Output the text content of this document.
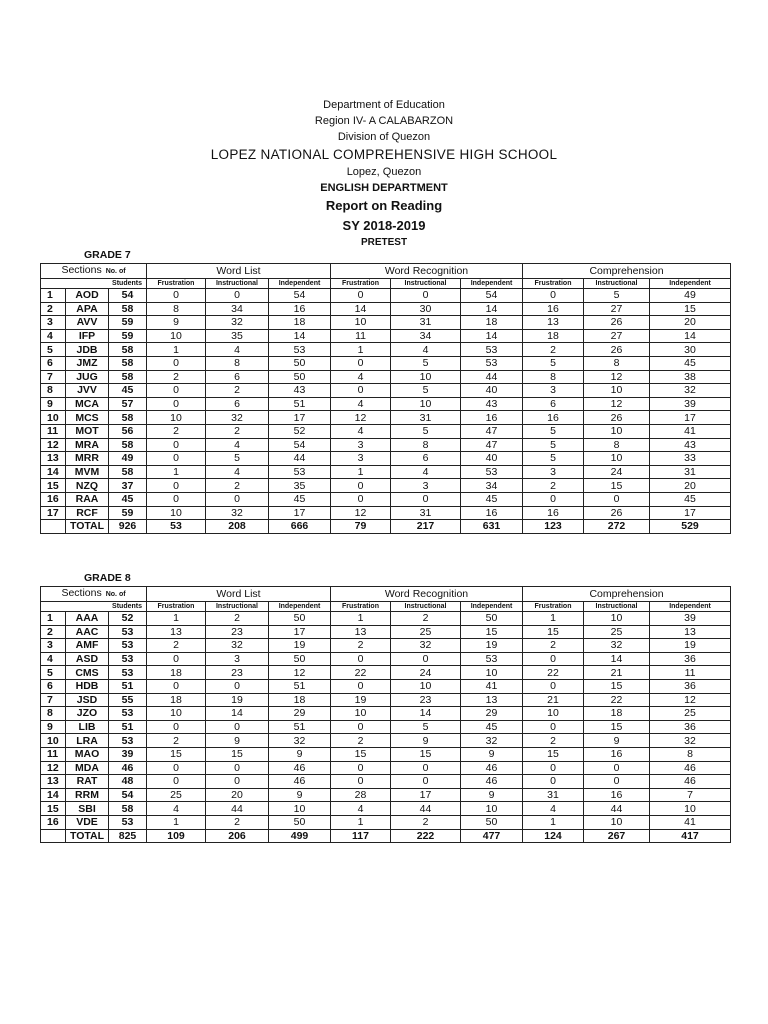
Department of Education
Region IV- A CALABARZON
Division of Quezon
LOPEZ NATIONAL COMPREHENSIVE HIGH SCHOOL
Lopez, Quezon
ENGLISH DEPARTMENT
Report on Reading
SY 2018-2019
PRETEST
GRADE 7
Sections No. of			Word List			Word Recognition			Comprehension		
Students			Frustration	Instructional	Independent	Frustration	Instructional	Independent	Frustration	Instructional	Independent
1	AOD	54	0	0	54	0	0	54	0	5	49
2	APA	58	8	34	16	14	30	14	16	27	15
3	AVV	59	9	32	18	10	31	18	13	26	20
4	IFP	59	10	35	14	11	34	14	18	27	14
5	JDB	58	1	4	53	1	4	53	2	26	30
6	JMZ	58	0	8	50	0	5	53	5	8	45
7	JUG	58	2	6	50	4	10	44	8	12	38
8	JVV	45	0	2	43	0	5	40	3	10	32
9	MCA	57	0	6	51	4	10	43	6	12	39
10	MCS	58	10	32	17	12	31	16	16	26	17
11	MOT	56	2	2	52	4	5	47	5	10	41
12	MRA	58	0	4	54	3	8	47	5	8	43
13	MRR	49	0	5	44	3	6	40	5	10	33
14	MVM	58	1	4	53	1	4	53	3	24	31
15	NZQ	37	0	2	35	0	3	34	2	15	20
16	RAA	45	0	0	45	0	0	45	0	0	45
17	RCF	59	10	32	17	12	31	16	16	26	17
	TOTAL	926	53	208	666	79	217	631	123	272	529
GRADE 8
Sections No. of			Word List			Word Recognition			Comprehension		
Students			Frustration	Instructional	Independent	Frustration	Instructional	Independent	Frustration	Instructional	Independent
1	AAA	52	1	2	50	1	2	50	1	10	39
2	AAC	53	13	23	17	13	25	15	15	25	13
3	AMF	53	2	32	19	2	32	19	2	32	19
4	ASD	53	0	3	50	0	0	53	0	14	36
5	CMS	53	18	23	12	22	24	10	22	21	11
6	HDB	51	0	0	51	0	10	41	0	15	36
7	JSD	55	18	19	18	19	23	13	21	22	12
8	JZO	53	10	14	29	10	14	29	10	18	25
9	LIB	51	0	0	51	0	5	45	0	15	36
10	LRA	53	2	9	32	2	9	32	2	9	32
11	MAO	39	15	15	9	15	15	9	15	16	8
12	MDA	46	0	0	46	0	0	46	0	0	46
13	RAT	48	0	0	46	0	0	46	0	0	46
14	RRM	54	25	20	9	28	17	9	31	16	7
15	SBI	58	4	44	10	4	44	10	4	44	10
16	VDE	53	1	2	50	1	2	50	1	10	41
	TOTAL	825	109	206	499	117	222	477	124	267	417
